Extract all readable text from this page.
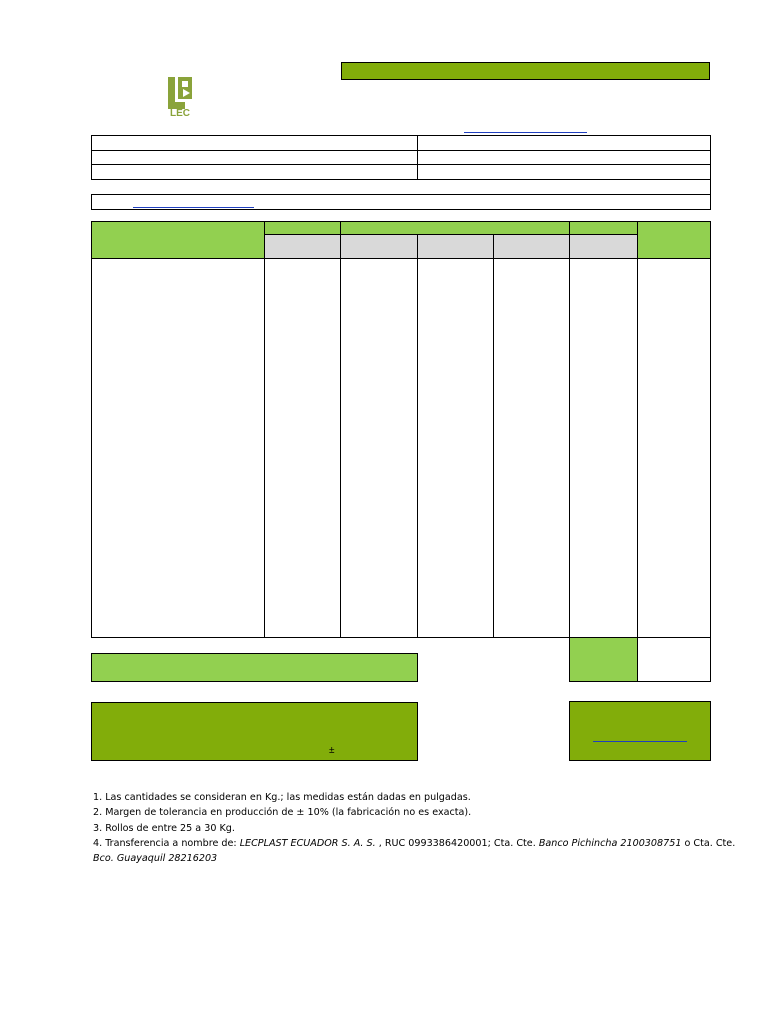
LEC
±

1. Las cantidades se consideran en Kg.; las medidas están dadas en pulgadas.

2. Margen de tolerancia en producción de ± 10% (la fabricación no es exacta).

3. Rollos de entre 25 a 30 Kg.

4. Transferencia a nombre de: LECPLAST ECUADOR S. A. S. , RUC 0993386420001; Cta. Cte. Banco Pichincha 2100308751 o Cta. Cte.

Bco. Guayaquil 28216203
